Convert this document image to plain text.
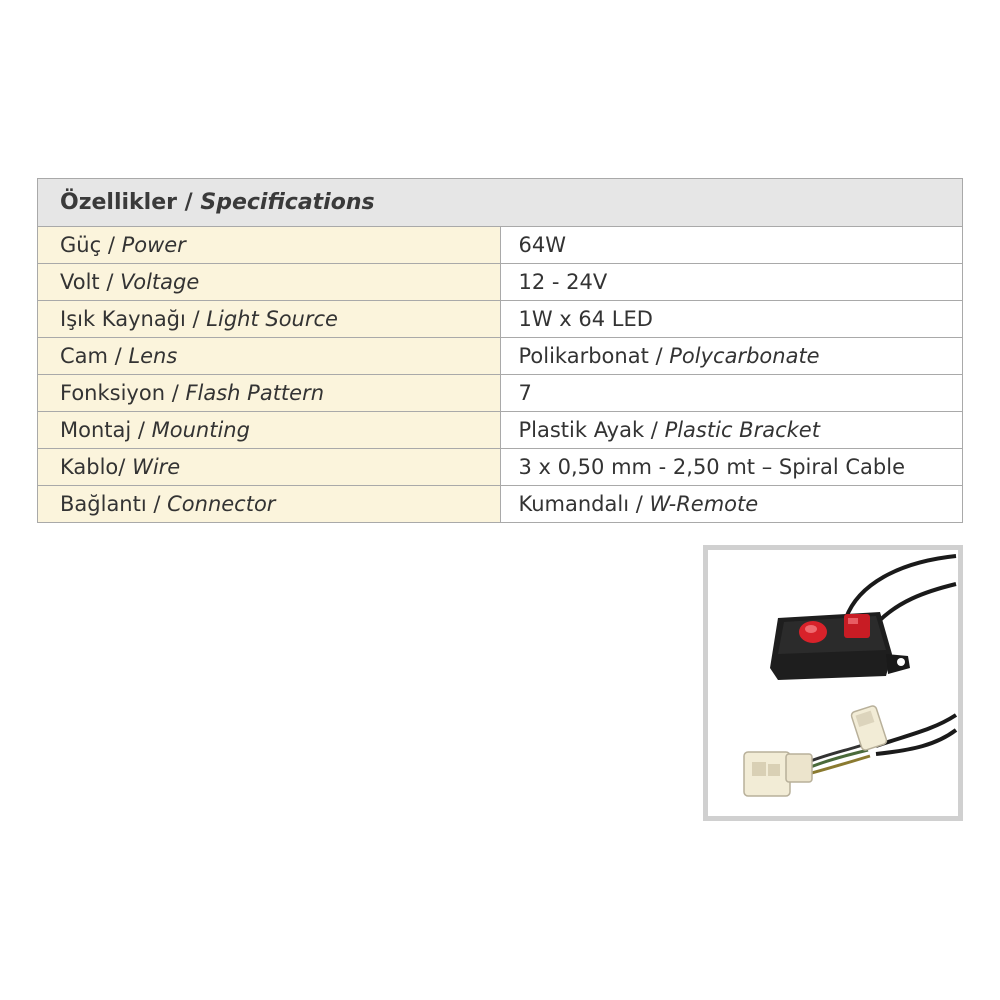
Özellikler / Specifications	
Güç / Power	64W
Volt / Voltage	12 - 24V
Işık Kaynağı / Light Source	1W x 64 LED
Cam / Lens	Polikarbonat / Polycarbonate
Fonksiyon / Flash Pattern	7
Montaj / Mounting	Plastik Ayak / Plastic Bracket
Kablo/ Wire	3 x 0,50 mm - 2,50 mt – Spiral Cable
Bağlantı / Connector	Kumandalı / W-Remote
